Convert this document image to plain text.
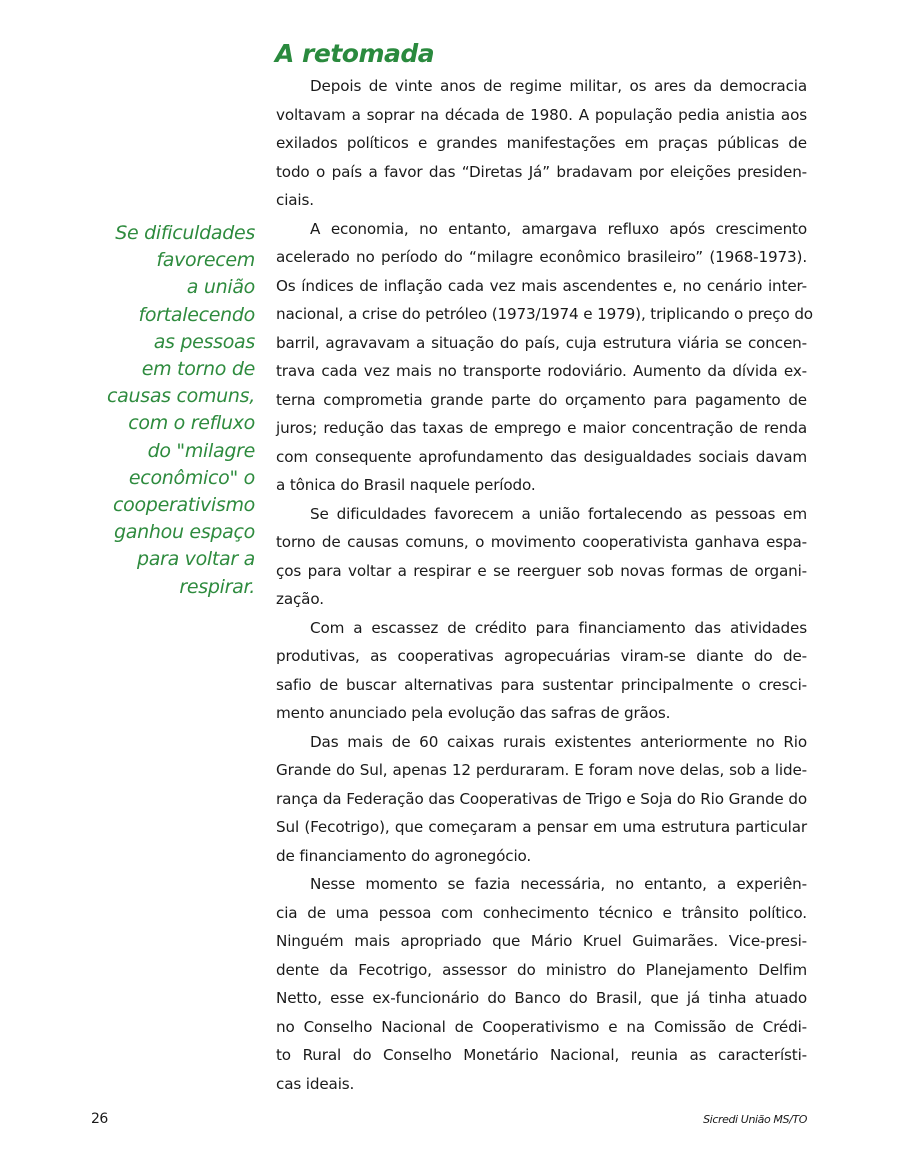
A retomada
Se dificuldades
favorecem
a união
fortalecendo
as pessoas
em torno de
causas comuns,
com o refluxo
do "milagre
econômico" o
cooperativismo
ganhou espaço
para voltar a
respirar.

Depois de vinte anos de regime militar, os ares da democracia
voltavam a soprar na década de 1980. A população pedia anistia aos
exilados políticos e grandes manifestações em praças públicas de
todo o país a favor das “Diretas Já” bradavam por eleições presiden-
ciais.

A economia, no entanto, amargava refluxo após crescimento
acelerado no período do “milagre econômico brasileiro” (1968-1973).
Os índices de inflação cada vez mais ascendentes e, no cenário inter-
nacional, a crise do petróleo (1973/1974 e 1979), triplicando o preço do
barril, agravavam a situação do país, cuja estrutura viária se concen-
trava cada vez mais no transporte rodoviário. Aumento da dívida ex-
terna comprometia grande parte do orçamento para pagamento de
juros; redução das taxas de emprego e maior concentração de renda
com consequente aprofundamento das desigualdades sociais davam
a tônica do Brasil naquele período.

Se dificuldades favorecem a união fortalecendo as pessoas em
torno de causas comuns, o movimento cooperativista ganhava espa-
ços para voltar a respirar e se reerguer sob novas formas de organi-
zação.

Com a escassez de crédito para financiamento das atividades
produtivas, as cooperativas agropecuárias viram-se diante do de-
safio de buscar alternativas para sustentar principalmente o cresci-
mento anunciado pela evolução das safras de grãos.

Das mais de 60 caixas rurais existentes anteriormente no Rio
Grande do Sul, apenas 12 perduraram. E foram nove delas, sob a lide-
rança da Federação das Cooperativas de Trigo e Soja do Rio Grande do
Sul (Fecotrigo), que começaram a pensar em uma estrutura particular
de financiamento do agronegócio.

Nesse momento se fazia necessária, no entanto, a experiên-
cia de uma pessoa com conhecimento técnico e trânsito político.
Ninguém mais apropriado que Mário Kruel Guimarães. Vice-presi-
dente da Fecotrigo, assessor do ministro do Planejamento Delfim
Netto, esse ex-funcionário do Banco do Brasil, que já tinha atuado
no Conselho Nacional de Cooperativismo e na Comissão de Crédi-
to Rural do Conselho Monetário Nacional, reunia as característi-
cas ideais.

26	Sicredi União MS/TO
